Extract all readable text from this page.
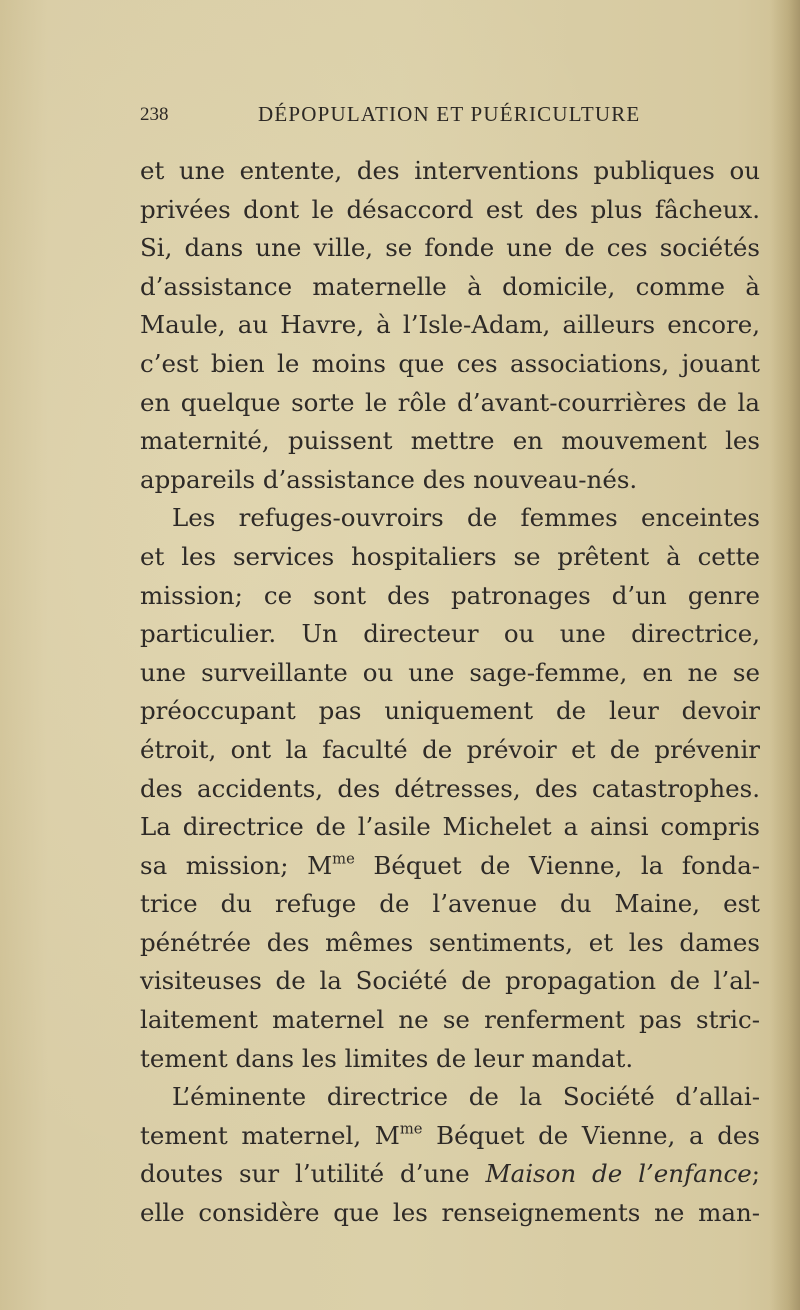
238	DÉPOPULATION ET PUÉRICULTURE
et une entente, des interventions publiques ou
privées dont le désaccord est des plus fâcheux.
Si, dans une ville, se fonde une de ces sociétés
d’assistance maternelle à domicile, comme à
Maule, au Havre, à l’Isle-Adam, ailleurs encore,
c’est bien le moins que ces associations, jouant
en quelque sorte le rôle d’avant-courrières de la
maternité, puissent mettre en mouvement les
appareils d’assistance des nouveau-nés.
Les refuges-ouvroirs de femmes enceintes
et les services hospitaliers se prêtent à cette
mission; ce sont des patronages d’un genre
particulier. Un directeur ou une directrice,
une surveillante ou une sage-femme, en ne se
préoccupant pas uniquement de leur devoir
étroit, ont la faculté de prévoir et de prévenir
des accidents, des détresses, des catastrophes.
La directrice de l’asile Michelet a ainsi compris
sa mission; $M^{me}$ Béquet de Vienne, la fonda-
trice du refuge de l’avenue du Maine, est
pénétrée des mêmes sentiments, et les dames
visiteuses de la Société de propagation de l’al-
laitement maternel ne se renferment pas stric-
tement dans les limites de leur mandat.
L’éminente directrice de la Société d’allai-
tement maternel, $M^{me}$ Béquet de Vienne, a des
doutes sur l’utilité d’une Maison de l’enfance;
elle considère que les renseignements ne man-
